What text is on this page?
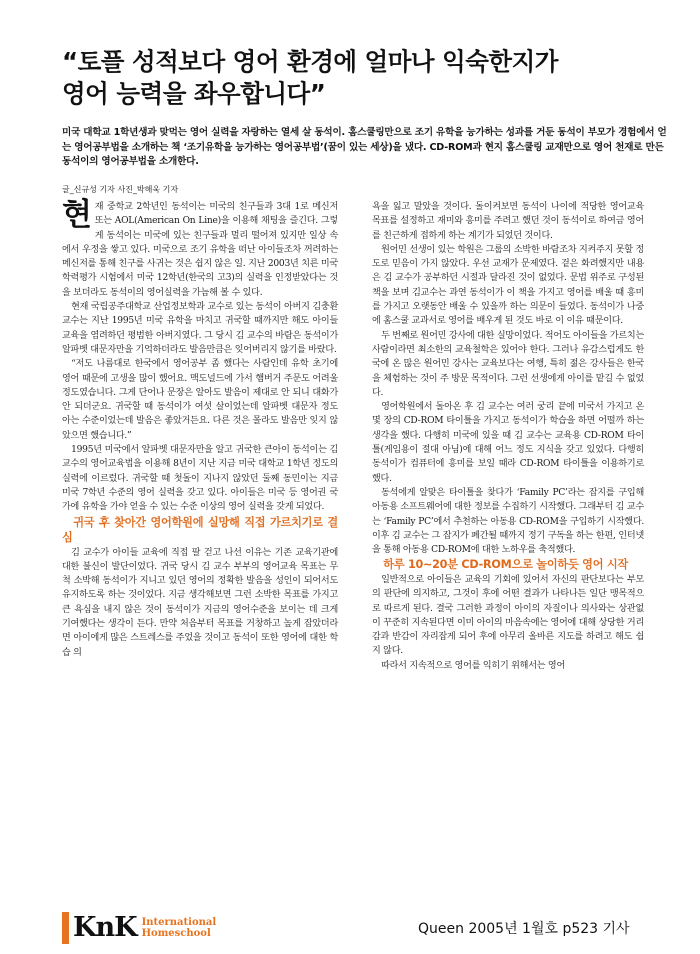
“토플 성적보다 영어 환경에 얼마나 익숙한지가
영어 능력을 좌우합니다”
미국 대학교 1학년생과 맞먹는 영어 실력을 자랑하는 열세 살 동석이. 홈스쿨링만으로 조기 유학을 능가하는 성과를 거둔 동석이 부모가 경험에서 얻는 영어공부법을 소개하는 책 ‘조기유학을 능가하는 영어공부법’(꿈이 있는 세상)을 냈다. CD-ROM과 현지 홈스쿨링 교재만으로 영어 천재로 만든 동석이의 영어공부법을 소개한다.
글_신규성 기자 사진_박해욱 기자

현재 중학교 2학년인 동석이는 미국의 친구들과 3대 1로 메신저 또는 AOL(American On Line)을 이용해 채팅을 즐긴다. 그렇게 동석이는 미국에 있는 친구들과 멀리 떨어져 있지만 일상 속에서 우정을 쌓고 있다. 미국으로 조기 유학을 떠난 아이들조차 꺼려하는 메신저를 통해 친구를 사귀는 것은 쉽지 않은 일. 지난 2003년 치른 미국 학력평가 시험에서 미국 12학년(한국의 고3)의 실력을 인정받았다는 것을 보더라도 동석이의 영어실력을 가늠해 볼 수 있다.

현재 국립공주대학교 산업정보학과 교수로 있는 동석이 아버지 김충환 교수는 지난 1995년 미국 유학을 마치고 귀국할 때까지만 해도 아이들 교육을 염려하던 평범한 아버지였다. 그 당시 김 교수의 바람은 동석이가 알파벳 대문자만을 기억하더라도 발음만큼은 잊어버리지 않기를 바랐다.

“저도 나름대로 한국에서 영어공부 좀 했다는 사람인데 유학 초기에 영어 때문에 고생을 많이 했어요. 맥도널드에 가서 햄버거 주문도 어려울 정도였습니다. 그게 단어나 문장은 알아도 발음이 제대로 안 되니 대화가 안 되더군요. 귀국할 때 동석이가 여섯 살이었는데 알파벳 대문자 정도 아는 수준이었는데 발음은 좋았거든요. 다른 것은 몰라도 발음만 잊지 않았으면 했습니다.”

1995년 미국에서 알파벳 대문자만을 알고 귀국한 큰아이 동석이는 김 교수의 영어교육법을 이용해 8년이 지난 지금 미국 대학교 1학년 정도의 실력에 이르렀다. 귀국할 때 첫돌이 지나지 않았던 둘째 동민이는 지금 미국 7학년 수준의 영어 실력을 갖고 있다. 아이들은 미국 등 영어권 국가에 유학을 가야 얻을 수 있는 수준 이상의 영어 실력을 갖게 되었다.

귀국 후 찾아간 영어학원에 실망해 직접 가르치기로 결심

김 교수가 아이들 교육에 직접 팔 걷고 나선 이유는 기존 교육기관에 대한 불신이 발단이었다. 귀국 당시 김 교수 부부의 영어교육 목표는 무척 소박해 동석이가 지니고 있던 영어의 정확한 발음을 성인이 되어서도 유지하도록 하는 것이었다. 지금 생각해보면 그런 소박한 목표를 가지고 큰 욕심을 내지 않은 것이 동석이가 지금의 영어수준을 보이는 데 크게 기여했다는 생각이 든다. 만약 처음부터 목표를 거창하고 높게 잡았더라면 아이에게 많은 스트레스를 주었을 것이고 동석이 또한 영어에 대한 학습 의

욕을 잃고 말았을 것이다. 돌이켜보면 동석이 나이에 적당한 영어교육 목표를 설정하고 재미와 흥미를 주려고 했던 것이 동석이로 하여금 영어를 친근하게 접하게 하는 계기가 되었던 것이다.

원어민 선생이 있는 학원은 그룹의 소박한 바람조차 지켜주지 못할 정도로 믿음이 가지 않았다. 우선 교재가 문제였다. 겉은 화려했지만 내용은 김 교수가 공부하던 시절과 달라진 것이 없었다. 문법 위주로 구성된 책을 보며 김교수는 과연 동석이가 이 책을 가지고 영어를 배울 때 흥미를 가지고 오랫동안 배울 수 있을까 하는 의문이 들었다. 동석이가 나중에 홈스쿨 교과서로 영어를 배우게 된 것도 바로 이 이유 때문이다.

두 번째로 원어민 강사에 대한 실망이었다. 적어도 아이들을 가르치는 사람이라면 최소한의 교육철학은 있어야 한다. 그러나 유감스럽게도 한국에 온 많은 원어민 강사는 교육보다는 여행, 특히 젊은 강사들은 한국을 체험하는 것이 주 방문 목적이다. 그런 선생에게 아이를 맡길 수 없었다.

영어학원에서 돌아온 후 김 교수는 여러 궁리 끝에 미국서 가지고 온 몇 장의 CD-ROM 타이틀을 가지고 동석이가 학습을 하면 어떨까 하는 생각을 했다. 다행히 미국에 있을 때 김 교수는 교육용 CD-ROM 타이틀(게임용이 절대 아님)에 대해 어느 정도 지식을 갖고 있었다. 다행히 동석이가 컴퓨터에 흥미를 보일 때라 CD-ROM 타이틀을 이용하기로 했다.

동석에게 알맞은 타이틀을 찾다가 ‘Family PC’라는 잡지를 구입해 아동용 소프트웨어에 대한 정보를 수집하기 시작했다. 그래부터 김 교수는 ‘Family PC’에서 추천하는 아동용 CD-ROM을 구입하기 시작했다. 이후 김 교수는 그 잡지가 폐간될 때까지 정기 구독을 하는 한편, 인터넷을 통해 아동용 CD-ROM에 대한 노하우를 축적했다.

하루 10~20분 CD-ROM으로 놀이하듯 영어 시작

일반적으로 아이들은 교육의 기회에 있어서 자신의 판단보다는 부모의 판단에 의지하고, 그것이 후에 어떤 결과가 나타나든 일단 맹목적으로 따르게 된다. 결국 그러한 과정이 아이의 자질이나 의사와는 상관없이 꾸준히 지속된다면 이미 아이의 마음속에는 영어에 대해 상당한 거리감과 반감이 자리잡게 되어 후에 아무리 올바른 지도를 하려고 해도 쉽지 않다.

따라서 지속적으로 영어를 익히기 위해서는 영어

KnK International
Homeschool	Queen 2005년 1월호 p523 기사
